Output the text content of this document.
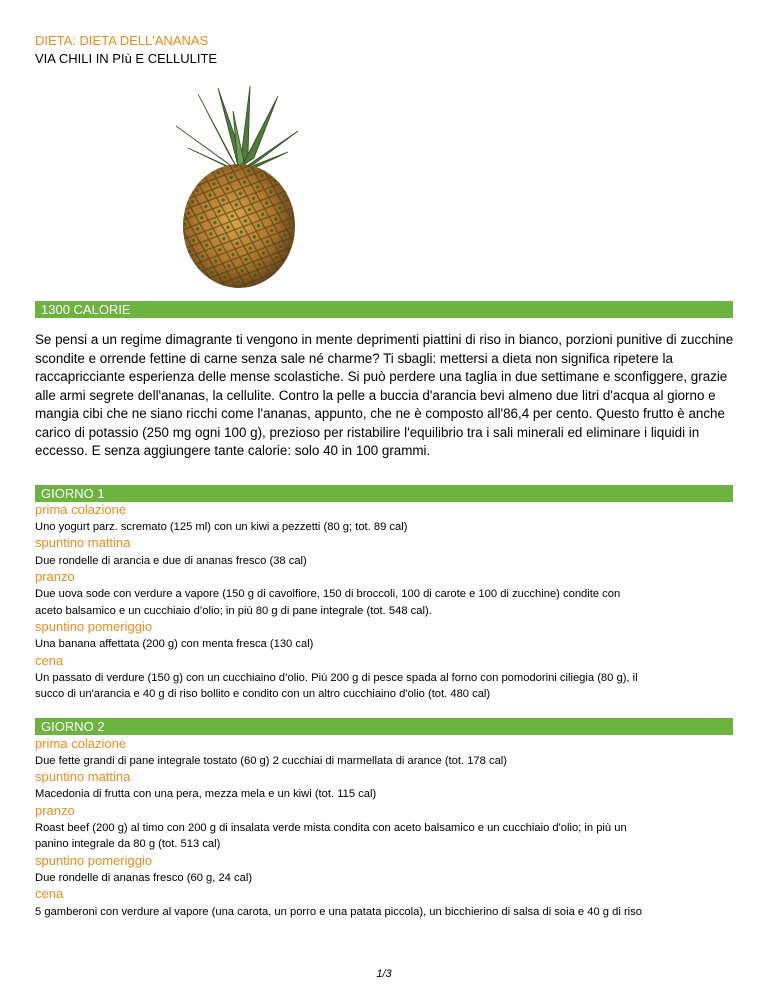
DIETA: DIETA DELL'ANANAS
VIA CHILI IN PIù E CELLULITE
1300 CALORIE
Se pensi a un regime dimagrante ti vengono in mente deprimenti piattini di riso in bianco, porzioni punitive di zucchine scondite e orrende fettine di carne senza sale né charme? Ti sbagli: mettersi a dieta non significa ripetere la raccapricciante esperienza delle mense scolastiche. Si può perdere una taglia in due settimane e sconfiggere, grazie alle armi segrete dell'ananas, la cellulite. Contro la pelle a buccia d'arancia bevi almeno due litri d'acqua al giorno e mangia cibi che ne siano ricchi come l'ananas, appunto, che ne è composto all'86,4 per cento. Questo frutto è anche carico di potassio (250 mg ogni 100 g), prezioso per ristabilire l'equilibrio tra i sali minerali ed eliminare i liquidi in eccesso. E senza aggiungere tante calorie: solo 40 in 100 grammi.
GIORNO 1
prima colazione
Uno yogurt parz. scremato (125 ml) con un kiwi a pezzetti (80 g; tot. 89 cal)
spuntino mattina
Due rondelle di arancia e due di ananas fresco (38 cal)
pranzo
Due uova sode con verdure a vapore (150 g di cavolfiore, 150 di broccoli, 100 di carote e 100 di zucchine) condite con
aceto balsamico e un cucchiaio d’olio; in più 80 g di pane integrale (tot. 548 cal).
spuntino pomeriggio
Una banana affettata (200 g) con menta fresca (130 cal)
cena
Un passato di verdure (150 g) con un cucchiaino d’olio. Più 200 g di pesce spada al forno con pomodorini ciliegia (80 g), il
succo di un'arancia e 40 g di riso bollito e condito con un altro cucchiaino d'olio (tot. 480 cal)
GIORNO 2
prima colazione
Due fette grandi di pane integrale tostato (60 g) 2 cucchiai di marmellata di arance (tot. 178 cal)
spuntino mattina
Macedonia di frutta con una pera, mezza mela e un kiwi (tot. 115 cal)
pranzo
Roast beef (200 g) al timo con 200 g di insalata verde mista condita con aceto balsamico e un cucchiaio d'olio; in più un
panino integrale da 80 g (tot. 513 cal)
spuntino pomeriggio
Due rondelle di ananas fresco (60 g, 24 cal)
cena
5 gamberoni con verdure al vapore (una carota, un porro e una patata piccola), un bicchierino di salsa di soia e 40 g di riso
1/3
